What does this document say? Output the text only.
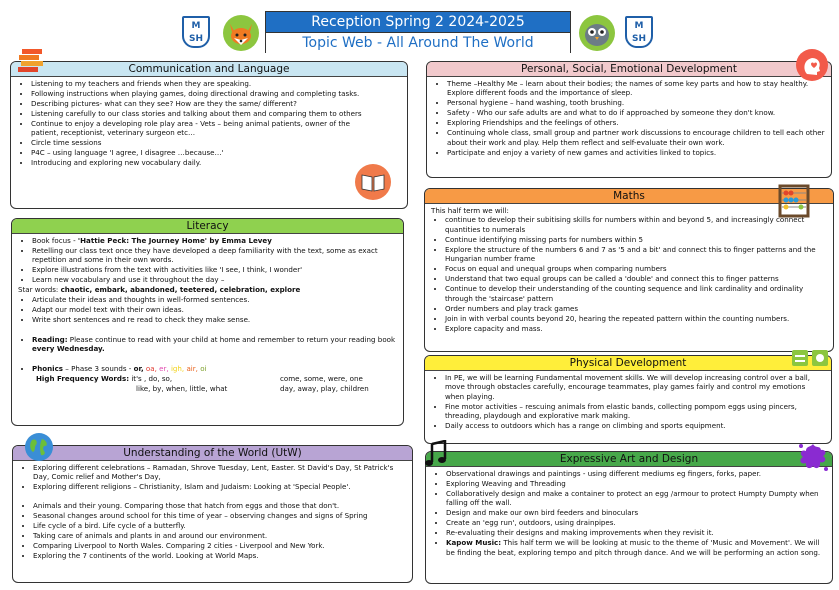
M
SH
Reception Spring 2 2024-2025
Topic Web - All Around The World
M
SH
Communication and Language
• Listening to my teachers and friends when they are speaking.
• Following instructions when playing games, doing directional drawing and completing tasks.
• Describing pictures- what can they see? How are they the same/ different?
• Listening carefully to our class stories and talking about them and comparing them to others
• Continue to enjoy a developing role play area - Vets – being animal patients, owner of the patient, receptionist, veterinary surgeon etc…
• Circle time sessions
• P4C – using language 'I agree, I disagree …because…'
• Introducing and exploring new vocabulary daily.
Personal, Social, Emotional Development
• Theme –Healthy Me – learn about their bodies; the names of some key parts and how to stay healthy. Explore different foods and the importance of sleep.
• Personal hygiene – hand washing, tooth brushing.
• Safety - Who our safe adults are and what to do if approached by someone they don't know.
• Exploring Friendships and the feelings of others.
• Continuing whole class, small group and partner work discussions to encourage children to tell each other about their work and play. Help them reflect and self-evaluate their own work.
• Participate and enjoy a variety of new games and activities linked to topics.
Literacy
• Book focus - 'Hattie Peck: The Journey Home' by Emma Levey
• Retelling our class text once they have developed a deep familiarity with the text, some as exact repetition and some in their own words.
• Explore illustrations from the text with activities like 'I see, I think, I wonder'
• Learn new vocabulary and use it throughout the day –

Star words: chaotic, embark, abandoned, teetered, celebration, explore

• Articulate their ideas and thoughts in well-formed sentences.
• Adapt our model text with their own ideas.
• Write short sentences and re read to check they make sense.

• Reading: Please continue to read with your child at home and remember to return your reading book every Wednesday.

• Phonics – Phase 3 sounds - or, oa, er, igh, air, oi
High Frequency Words: it's , do, so,
like, by, when, little, what
come, some, were, one
day, away, play, children
Maths

This half term we will:

• continue to develop their subitising skills for numbers within and beyond 5, and increasingly connect quantities to numerals
• Continue identifying missing parts for numbers within 5
• Explore the structure of the numbers 6 and 7 as '5 and a bit' and connect this to finger patterns and the Hungarian number frame
• Focus on equal and unequal groups when comparing numbers
• Understand that two equal groups can be called a 'double' and connect this to finger patterns
• Continue to develop their understanding of the counting sequence and link cardinality and ordinality through the 'staircase' pattern
• Order numbers and play track games
• Join in with verbal counts beyond 20, hearing the repeated pattern within the counting numbers.
• Explore capacity and mass.
Physical Development
• In PE, we will be learning Fundamental movement skills. We will develop increasing control over a ball, move through obstacles carefully, encourage teammates, play games fairly and control my emotions when playing.
• Fine motor activities – rescuing animals from elastic bands, collecting pompom eggs using pincers, threading, playdough and explorative mark making.
• Daily access to outdoors which has a range on climbing and sports equipment.
Understanding of the World (UtW)
• Exploring different celebrations – Ramadan, Shrove Tuesday, Lent, Easter. St David's Day, St Patrick's Day, Comic relief and Mother's Day,
• Exploring different religions – Christianity, Islam and Judaism: Looking at 'Special People'.

• Animals and their young. Comparing those that hatch from eggs and those that don't.
• Seasonal changes around school for this time of year – observing changes and signs of Spring
• Life cycle of a bird. Life cycle of a butterfly.
• Taking care of animals and plants in and around our environment.
• Comparing Liverpool to North Wales. Comparing 2 cities - Liverpool and New York.
• Exploring the 7 continents of the world. Looking at World Maps.
Expressive Art and Design
• Observational drawings and paintings - using different mediums eg fingers, forks, paper.
• Exploring Weaving and Threading
• Collaboratively design and make a container to protect an egg /armour to protect Humpty Dumpty when falling off the wall.
• Design and make our own bird feeders and binoculars
• Create an 'egg run', outdoors, using drainpipes.
• Re-evaluating their designs and making improvements when they revisit it.
• Kapow Music: This half term we will be looking at music to the theme of 'Music and Movement'. We will be finding the beat, exploring tempo and pitch through dance. And we will be performing an action song.
